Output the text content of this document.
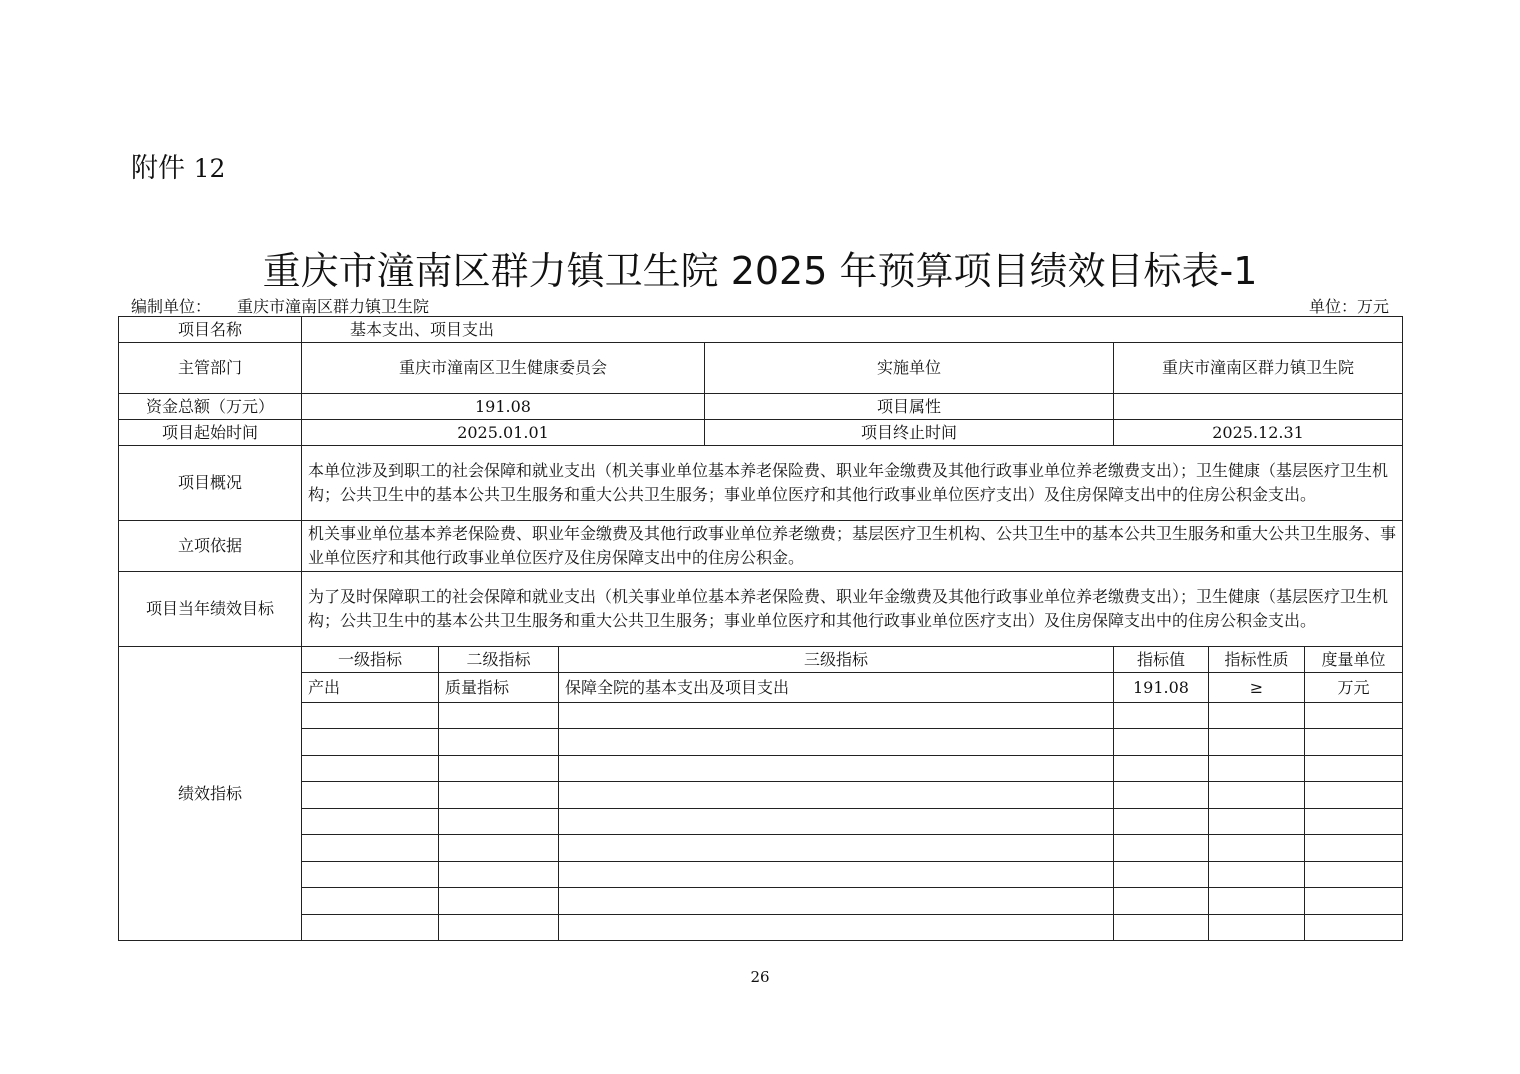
附件 12
重庆市潼南区群力镇卫生院 2025 年预算项目绩效目标表-1
编制单位： 重庆市潼南区群力镇卫生院	单位：万元
项目名称	基本支出、项目支出						
主管部门	重庆市潼南区卫生健康委员会			实施单位	重庆市潼南区群力镇卫生院		
资金总额（万元）	191.08			项目属性			
项目起始时间	2025.01.01			项目终止时间	2025.12.31		
项目概况	本单位涉及到职工的社会保障和就业支出（机关事业单位基本养老保险费、职业年金缴费及其他行政事业单位养老缴费支出）；卫生健康（基层医疗卫生机构；公共卫生中的基本公共卫生服务和重大公共卫生服务；事业单位医疗和其他行政事业单位医疗支出）及住房保障支出中的住房公积金支出。						
立项依据	机关事业单位基本养老保险费、职业年金缴费及其他行政事业单位养老缴费；基层医疗卫生机构、公共卫生中的基本公共卫生服务和重大公共卫生服务、事业单位医疗和其他行政事业单位医疗及住房保障支出中的住房公积金。						
项目当年绩效目标	为了及时保障职工的社会保障和就业支出（机关事业单位基本养老保险费、职业年金缴费及其他行政事业单位养老缴费支出）；卫生健康（基层医疗卫生机构；公共卫生中的基本公共卫生服务和重大公共卫生服务；事业单位医疗和其他行政事业单位医疗支出）及住房保障支出中的住房公积金支出。						
绩效指标	一级指标	二级指标	三级指标		指标值	指标性质	度量单位
	产出	质量指标	保障全院的基本支出及项目支出		191.08	≥	万元

26
